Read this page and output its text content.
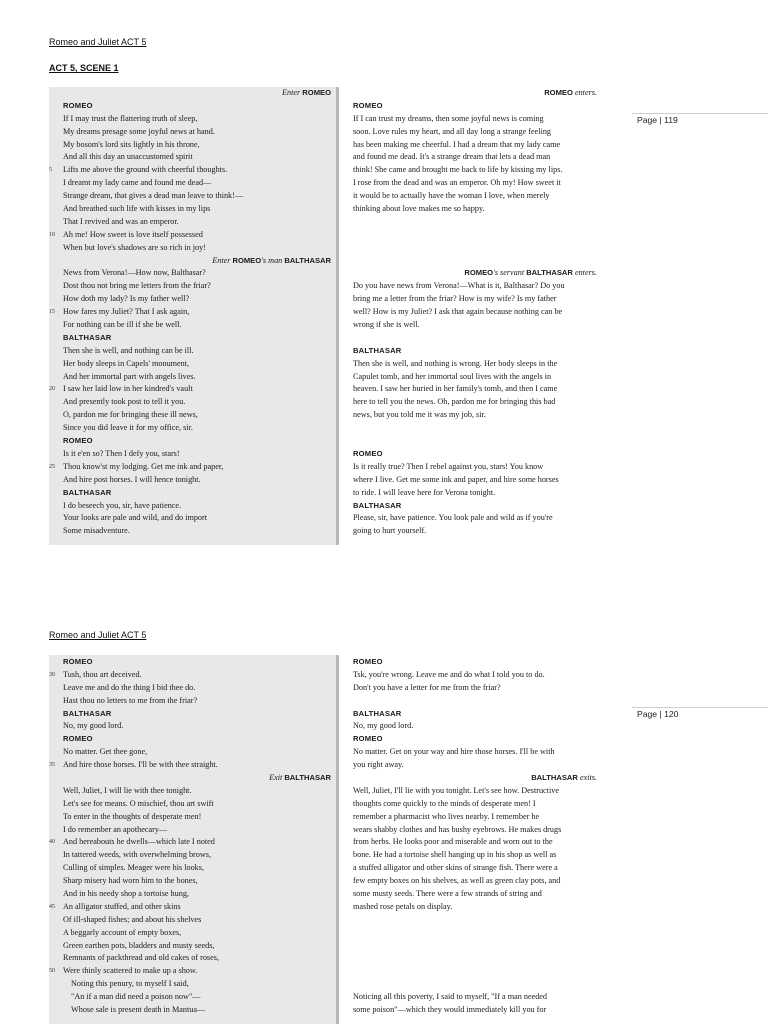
Romeo and Juliet ACT 5
ACT 5, SCENE 1
Enter ROMEO
ROMEO
If I may trust the flattering truth of sleep,
My dreams presage some joyful news at hand.
My bosom's lord sits lightly in his throne,
And all this day an unaccustomed spirit
5	Lifts me above the ground with cheerful thoughts.
I dreamt my lady came and found me dead—
Strange dream, that gives a dead man leave to think!—
And breathed such life with kisses in my lips
That I revived and was an emperor.
10 Ah me! How sweet is love itself possessed
When but love's shadows are so rich in joy!
Enter ROMEO's man BALTHASAR
News from Verona!—How now, Balthasar?
Dost thou not bring me letters from the friar?
How doth my lady? Is my father well?
15 How fares my Juliet? That I ask again,
For nothing can be ill if she be well.
BALTHASAR
Then she is well, and nothing can be ill.
Her body sleeps in Capels' monument,
And her immortal part with angels lives.
20 I saw her laid low in her kindred's vault
And presently took post to tell it you.
O, pardon me for bringing these ill news,
Since you did leave it for my office, sir.
ROMEO
Is it e'en so? Then I defy you, stars!
25 Thou know'st my lodging. Get me ink and paper,
And hire post horses. I will hence tonight.
BALTHASAR
I do beseech you, sir, have patience.
Your looks are pale and wild, and do import
Some misadventure.
ROMEO enters.
ROMEO
If I can trust my dreams, then some joyful news is coming
soon. Love rules my heart, and all day long a strange feeling
has been making me cheerful. I had a dream that my lady came
and found me dead. It's a strange dream that lets a dead man
think! She came and brought me back to life by kissing my lips.
I rose from the dead and was an emperor. Oh my! How sweet it
it would be to actually have the woman I love, when merely
thinking about love makes me so happy.
ROMEO's servant BALTHASAR enters.
Do you have news from Verona!—What is it, Balthasar? Do you
bring me a letter from the friar? How is my wife? Is my father
well? How is my Juliet? I ask that again because nothing can be
wrong if she is well.
BALTHASAR
Then she is well, and nothing is wrong. Her body sleeps in the
Capulet tomb, and her immortal soul lives with the angels in
heaven. I saw her buried in her family's tomb, and then I came
here to tell you the news. Oh, pardon me for bringing this bad
news, but you told me it was my job, sir.
ROMEO
Is it really true? Then I rebel against you, stars! You know
where I live. Get me some ink and paper, and hire some horses
to ride. I will leave here for Verona tonight.
BALTHASAR
Please, sir, have patience. You look pale and wild as if you're
going to hurt yourself.
Page | 119
Romeo and Juliet ACT 5
ROMEO
30 Tush, thou art deceived.
Leave me and do the thing I bid thee do.
Hast thou no letters to me from the friar?
BALTHASAR
No, my good lord.
ROMEO
No matter. Get thee gone,
35 And hire those horses. I'll be with thee straight.
Exit BALTHASAR
Well, Juliet, I will lie with thee tonight.
Let's see for means. O mischief, thou art swift
To enter in the thoughts of desperate men!
I do remember an apothecary—
40 And hereabouts he dwells—which late I noted
In tattered weeds, with overwhelming brows,
Culling of simples. Meager were his looks,
Sharp misery had worn him to the bones,
And in his needy shop a tortoise hung,
45 An alligator stuffed, and other skins
Of ill-shaped fishes; and about his shelves
A beggarly account of empty boxes,
Green earthen pots, bladders and musty seeds,
Remnants of packthread and old cakes of roses,
50 Were thinly scattered to make up a show.
Noting this penury, to myself I said,
"An if a man did need a poison now"—
Whose sale is present death in Mantua—
ROMEO
Tsk, you're wrong. Leave me and do what I told you to do.
Don't you have a letter for me from the friar?
BALTHASAR
No, my good lord.
ROMEO
No matter. Get on your way and hire those horses. I'll be with
you right away.
BALTHASAR exits.
Well, Juliet, I'll lie with you tonight. Let's see how. Destructive
thoughts come quickly to the minds of desperate men! I
remember a pharmacist who lives nearby. I remember he
wears shabby clothes and has bushy eyebrows. He makes drugs
from herbs. He looks poor and miserable and worn out to the
bone. He had a tortoise shell hanging up in his shop as well as
a stuffed alligator and other skins of strange fish. There were a
few empty boxes on his shelves, as well as green clay pots, and
some musty seeds. There were a few strands of string and
mashed rose petals on display.
Noticing all this poverty, I said to myself, "If a man needed
some poison"—which they would immediately kill you for
Page | 120
